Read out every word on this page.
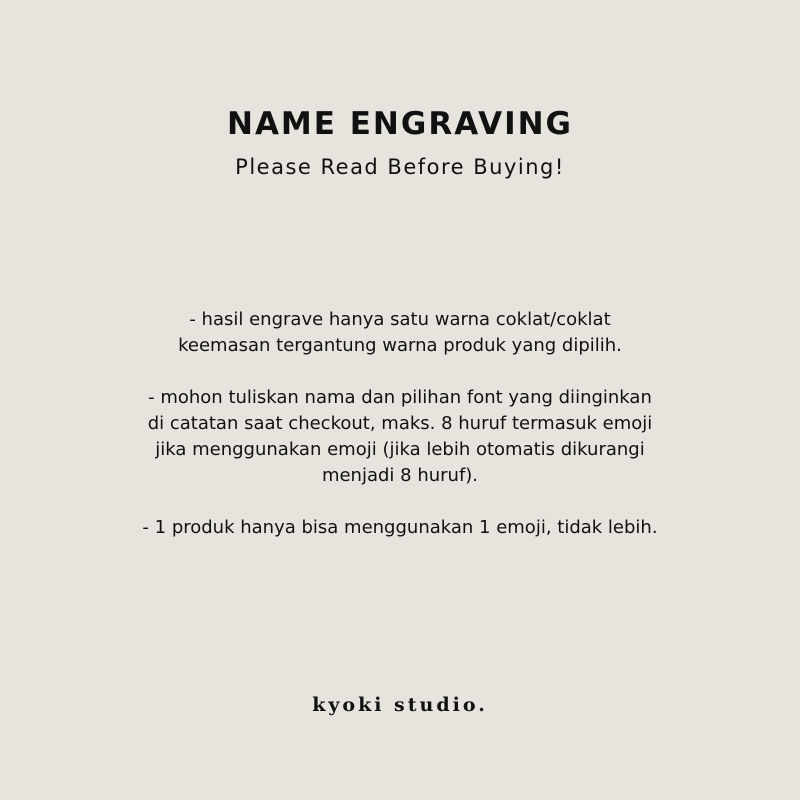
NAME ENGRAVING

Please Read Before Buying!

- hasil engrave hanya satu warna coklat/coklat
keemasan tergantung warna produk yang dipilih.

- mohon tuliskan nama dan pilihan font yang diinginkan
di catatan saat checkout, maks. 8 huruf termasuk emoji
jika menggunakan emoji (jika lebih otomatis dikurangi
menjadi 8 huruf).

- 1 produk hanya bisa menggunakan 1 emoji, tidak lebih.

kyoki studio.
